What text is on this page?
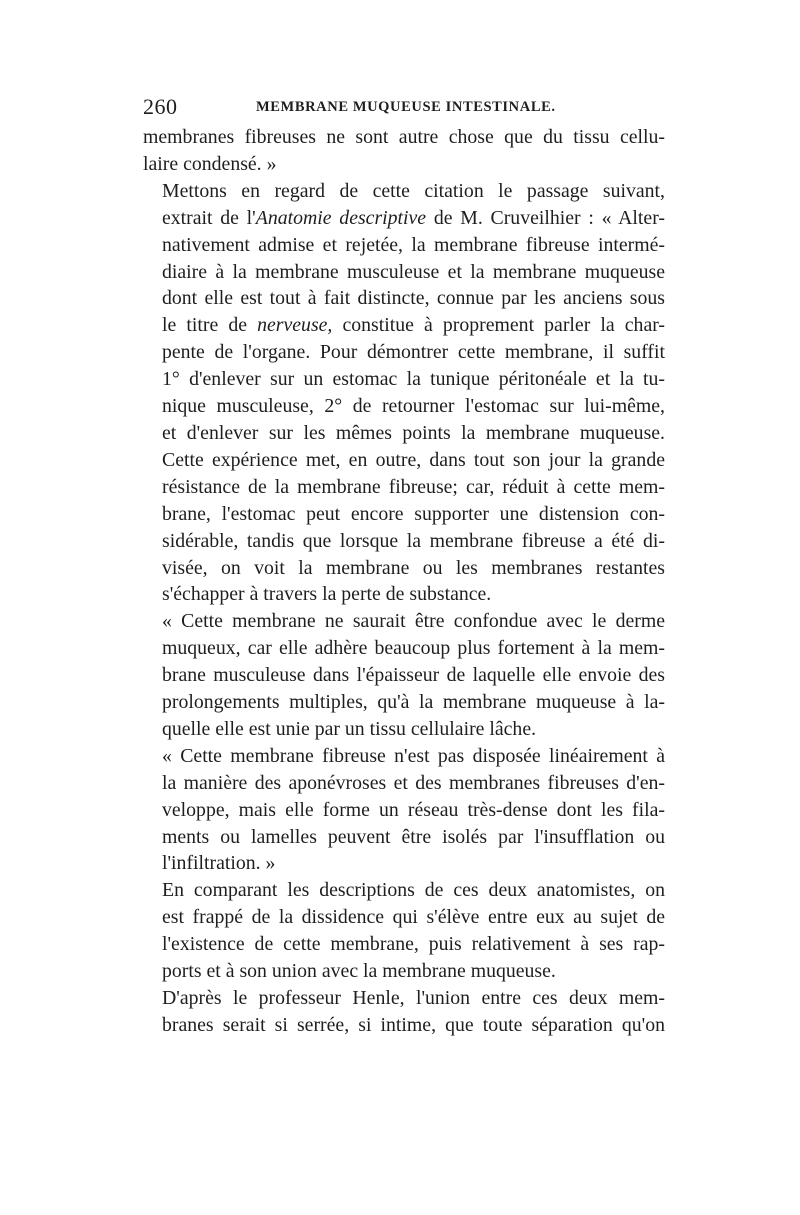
260	MEMBRANE MUQUEUSE INTESTINALE.

membranes fibreuses ne sont autre chose que du tissu cellu-
laire condensé. »

Mettons en regard de cette citation le passage suivant,
extrait de l'Anatomie descriptive de M. Cruveilhier : « Alter-
nativement admise et rejetée, la membrane fibreuse intermé-
diaire à la membrane musculeuse et la membrane muqueuse
dont elle est tout à fait distincte, connue par les anciens sous
le titre de nerveuse, constitue à proprement parler la char-
pente de l'organe. Pour démontrer cette membrane, il suffit
1° d'enlever sur un estomac la tunique péritonéale et la tu-
nique musculeuse, 2° de retourner l'estomac sur lui-même,
et d'enlever sur les mêmes points la membrane muqueuse.
Cette expérience met, en outre, dans tout son jour la grande
résistance de la membrane fibreuse; car, réduit à cette mem-
brane, l'estomac peut encore supporter une distension con-
sidérable, tandis que lorsque la membrane fibreuse a été di-
visée, on voit la membrane ou les membranes restantes
s'échapper à travers la perte de substance.

« Cette membrane ne saurait être confondue avec le derme
muqueux, car elle adhère beaucoup plus fortement à la mem-
brane musculeuse dans l'épaisseur de laquelle elle envoie des
prolongements multiples, qu'à la membrane muqueuse à la-
quelle elle est unie par un tissu cellulaire lâche.

« Cette membrane fibreuse n'est pas disposée linéairement à
la manière des aponévroses et des membranes fibreuses d'en-
veloppe, mais elle forme un réseau très-dense dont les fila-
ments ou lamelles peuvent être isolés par l'insufflation ou
l'infiltration. »

En comparant les descriptions de ces deux anatomistes, on
est frappé de la dissidence qui s'élève entre eux au sujet de
l'existence de cette membrane, puis relativement à ses rap-
ports et à son union avec la membrane muqueuse.

D'après le professeur Henle, l'union entre ces deux mem-
branes serait si serrée, si intime, que toute séparation qu'on
